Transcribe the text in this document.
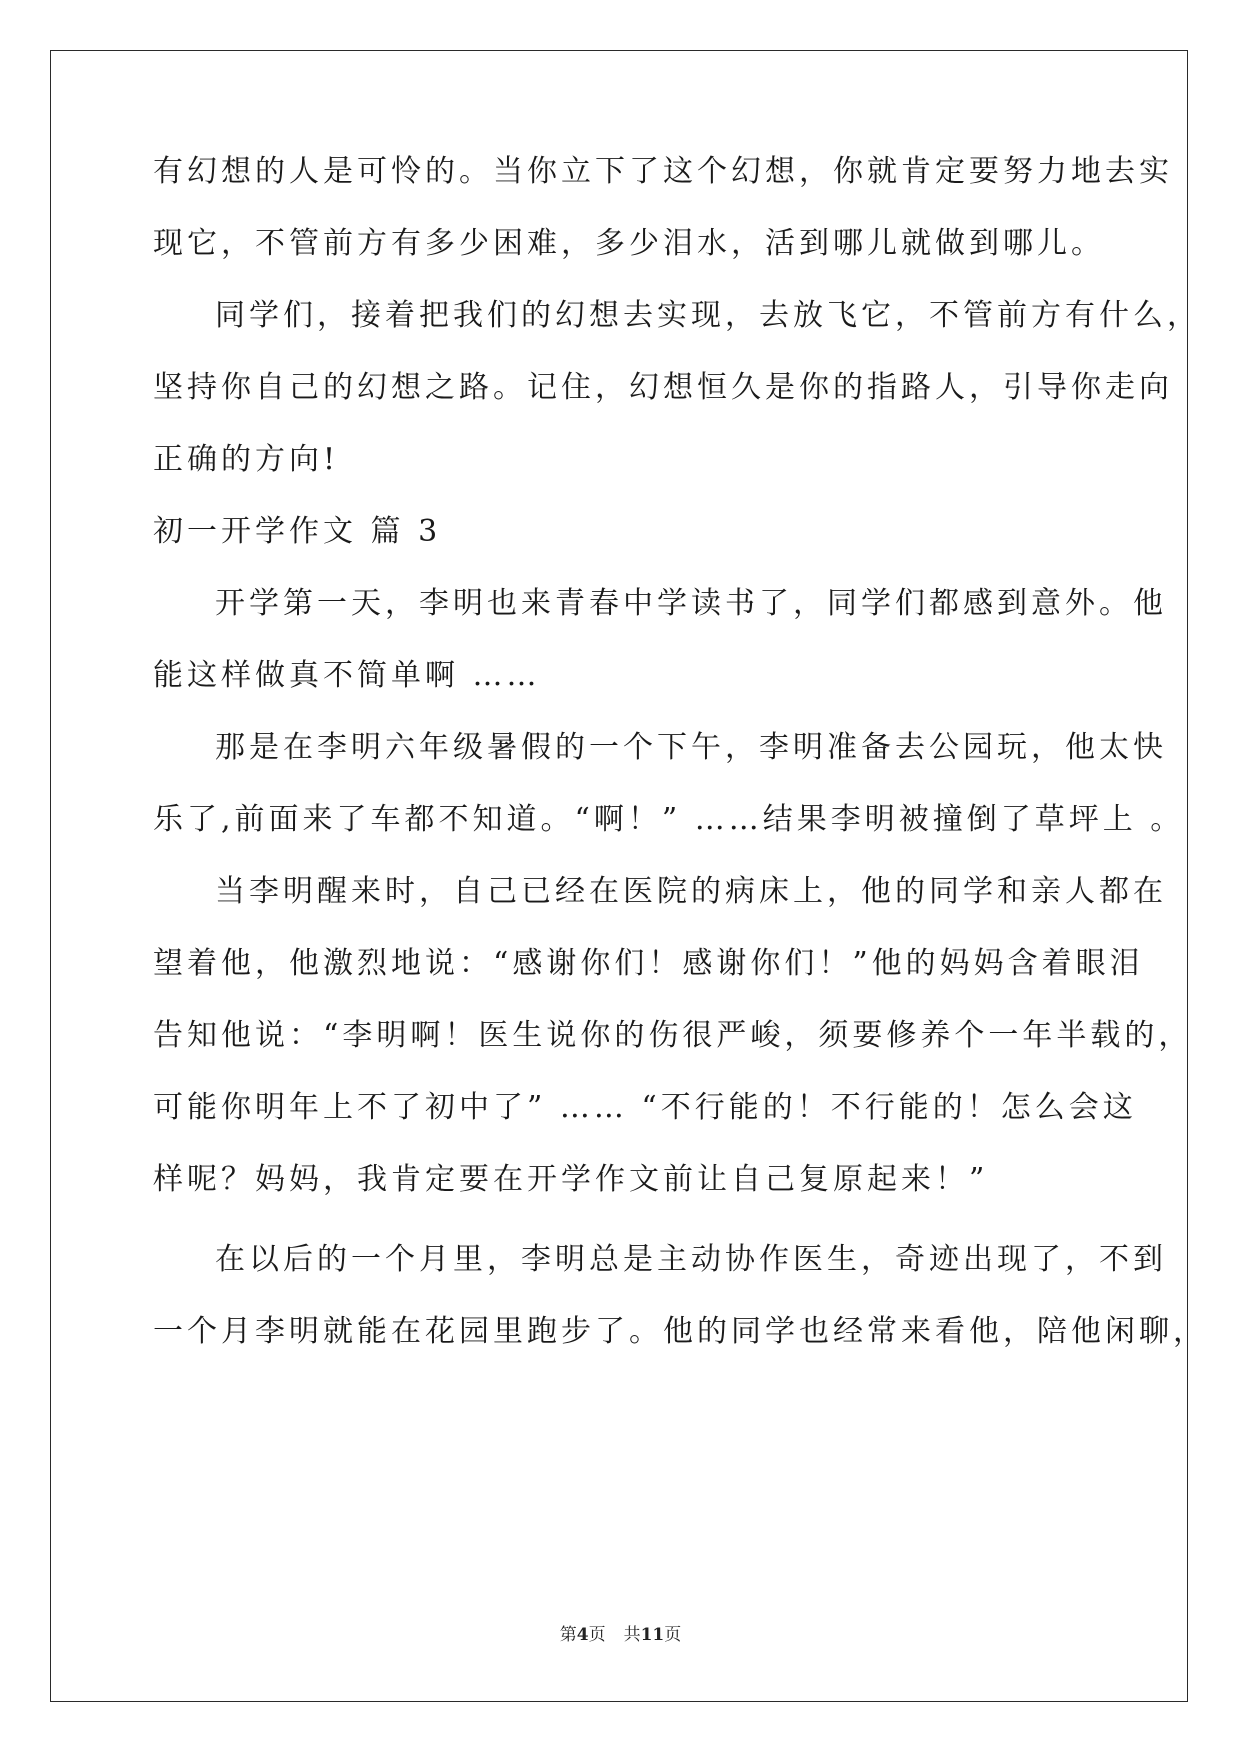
有幻想的人是可怜的。当你立下了这个幻想，你就肯定要努力地去实
现它，不管前方有多少困难，多少泪水，活到哪儿就做到哪儿。
同学们，接着把我们的幻想去实现，去放飞它，不管前方有什么，
坚持你自己的幻想之路。记住，幻想恒久是你的指路人，引导你走向
正确的方向!
初一开学作文 篇 3
开学第一天，李明也来青春中学读书了，同学们都感到意外。他
能这样做真不简单啊 ……
那是在李明六年级暑假的一个下午，李明准备去公园玩，他太快
乐了,前面来了车都不知道。“啊！” ……结果李明被撞倒了草坪上 。
当李明醒来时，自己已经在医院的病床上，他的同学和亲人都在
望着他，他激烈地说：“感谢你们！感谢你们！”他的妈妈含着眼泪
告知他说：“李明啊！医生说你的伤很严峻，须要修养个一年半载的，
可能你明年上不了初中了” …… “不行能的！不行能的！怎么会这
样呢？妈妈，我肯定要在开学作文前让自己复原起来！”
在以后的一个月里，李明总是主动协作医生，奇迹出现了，不到
一个月李明就能在花园里跑步了。他的同学也经常来看他，陪他闲聊，
第4页 共11页
